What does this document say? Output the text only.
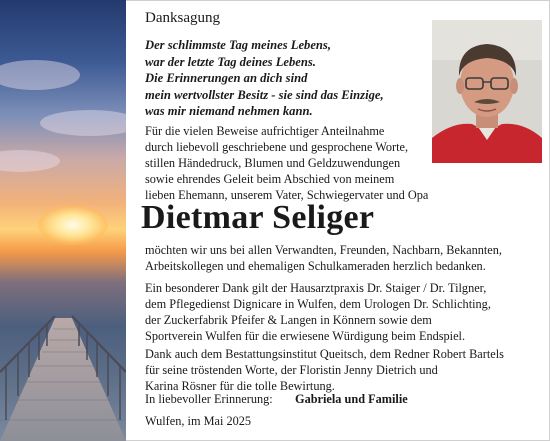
Danksagung
Der schlimmste Tag meines Lebens,
war der letzte Tag deines Lebens.
Die Erinnerungen an dich sind
mein wertvollster Besitz - sie sind das Einzige,
was mir niemand nehmen kann.
Für die vielen Beweise aufrichtiger Anteilnahme
durch liebevoll geschriebene und gesprochene Worte,
stillen Händedruck, Blumen und Geldzuwendungen
sowie ehrendes Geleit beim Abschied von meinem
lieben Ehemann, unserem Vater, Schwiegervater und Opa
Dietmar Seliger
möchten wir uns bei allen Verwandten, Freunden, Nachbarn, Bekannten,
Arbeitskollegen und ehemaligen Schulkameraden herzlich bedanken.
Ein besonderer Dank gilt der Hausarztpraxis Dr. Staiger / Dr. Tilgner,
dem Pflegedienst Dignicare in Wulfen, dem Urologen Dr. Schlichting,
der Zuckerfabrik Pfeifer & Langen in Könnern sowie dem
Sportverein Wulfen für die erwiesene Würdigung beim Endspiel.
Dank auch dem Bestattungsinstitut Queitsch, dem Redner Robert Bartels
für seine tröstenden Worte, der Floristin Jenny Dietrich und
Karina Rösner für die tolle Bewirtung.
In liebevoller Erinnerung: Gabriela und Familie
Wulfen, im Mai 2025
